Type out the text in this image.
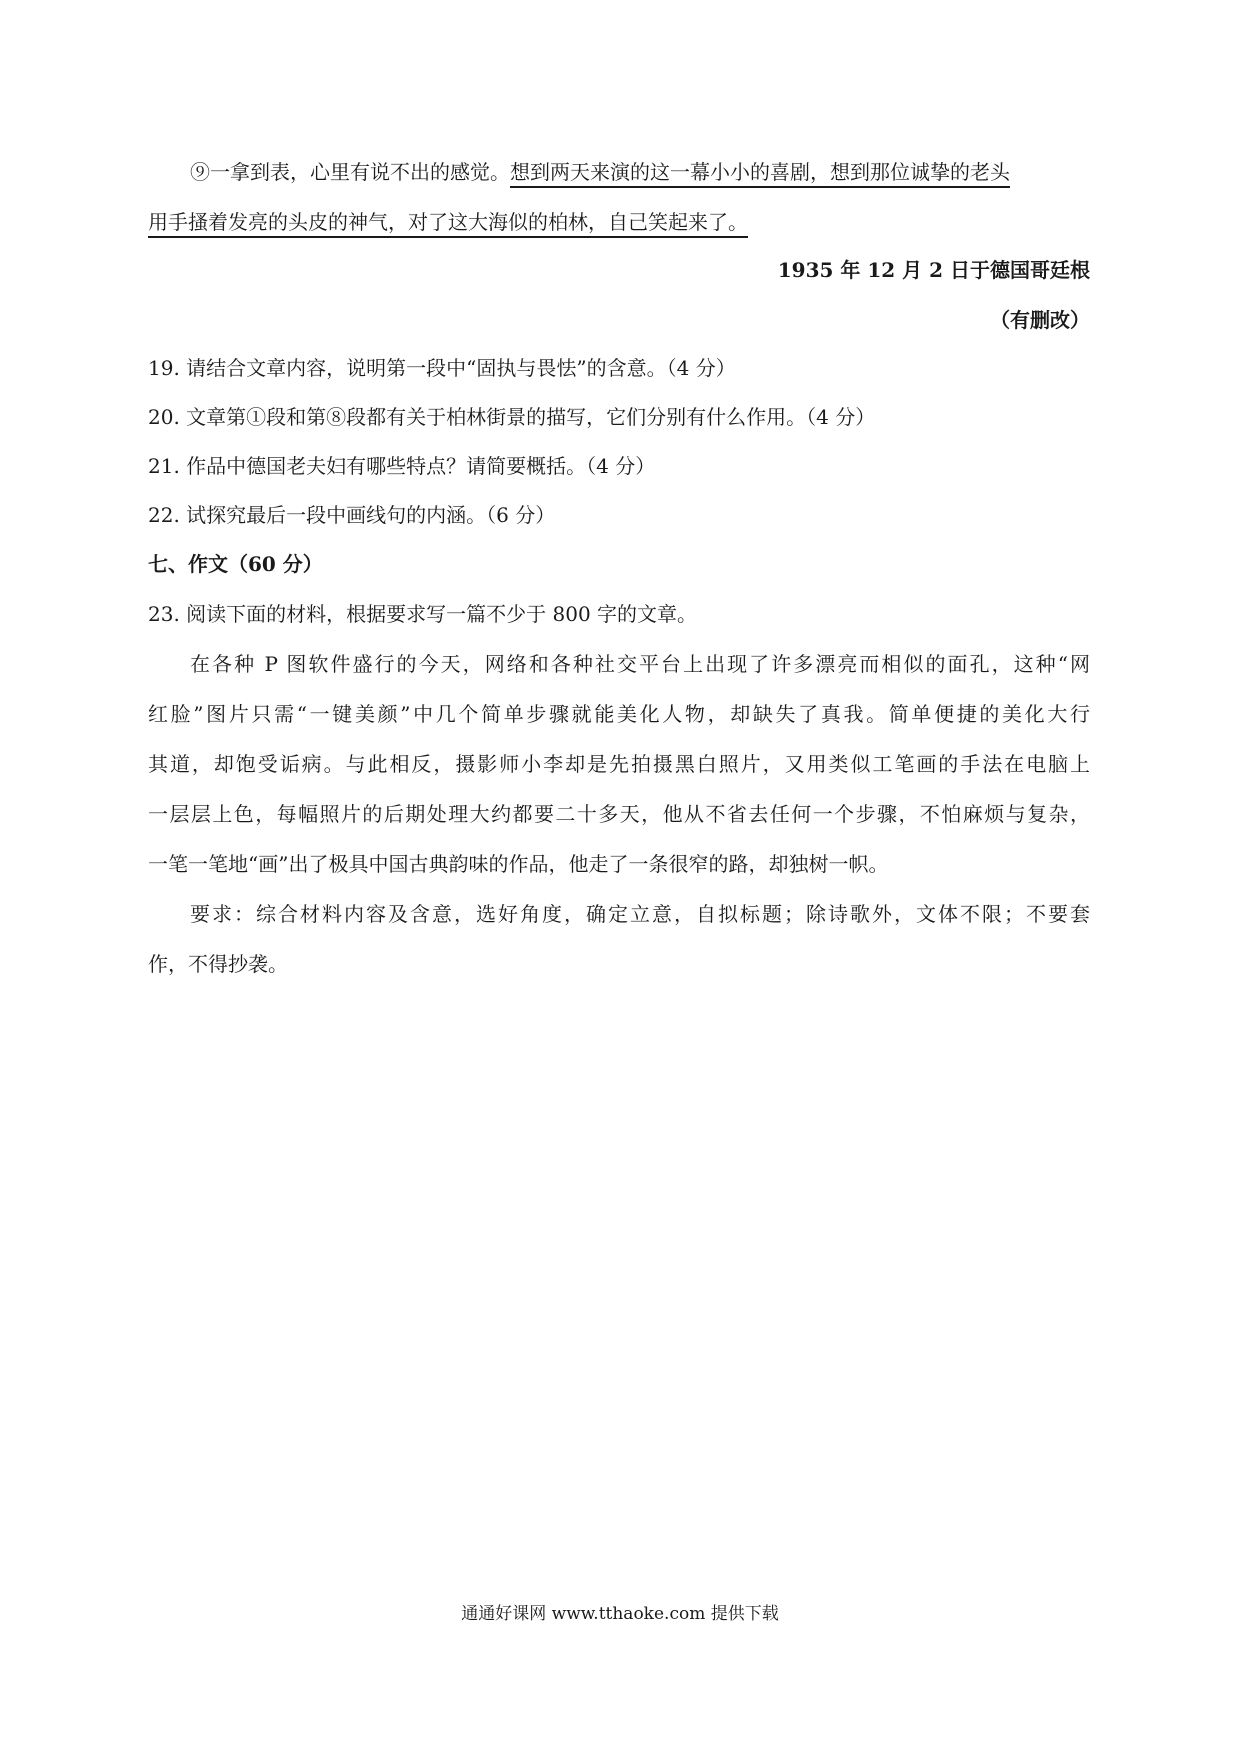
⑨一拿到表，心里有说不出的感觉。想到两天来演的这一幕小小的喜剧，想到那位诚挚的老头
用手搔着发亮的头皮的神气，对了这大海似的柏林，自己笑起来了。
1935 年 12 月 2 日于德国哥廷根
（有删改）
19. 请结合文章内容，说明第一段中“固执与畏怯”的含意。（4 分）
20. 文章第①段和第⑧段都有关于柏林街景的描写，它们分别有什么作用。（4 分）
21. 作品中德国老夫妇有哪些特点？请简要概括。（4 分）
22. 试探究最后一段中画线句的内涵。（6 分）
七、作文（60 分）
23. 阅读下面的材料，根据要求写一篇不少于 800 字的文章。
在各种 P 图软件盛行的今天，网络和各种社交平台上出现了许多漂亮而相似的面孔，这种“网
红脸”图片只需“一键美颜”中几个简单步骤就能美化人物，却缺失了真我。简单便捷的美化大行
其道，却饱受诟病。与此相反，摄影师小李却是先拍摄黑白照片，又用类似工笔画的手法在电脑上
一层层上色，每幅照片的后期处理大约都要二十多天，他从不省去任何一个步骤，不怕麻烦与复杂，
一笔一笔地“画”出了极具中国古典韵味的作品，他走了一条很窄的路，却独树一帜。
要求：综合材料内容及含意，选好角度，确定立意，自拟标题；除诗歌外，文体不限；不要套
作，不得抄袭。
通通好课网 www.tthaoke.com 提供下载
